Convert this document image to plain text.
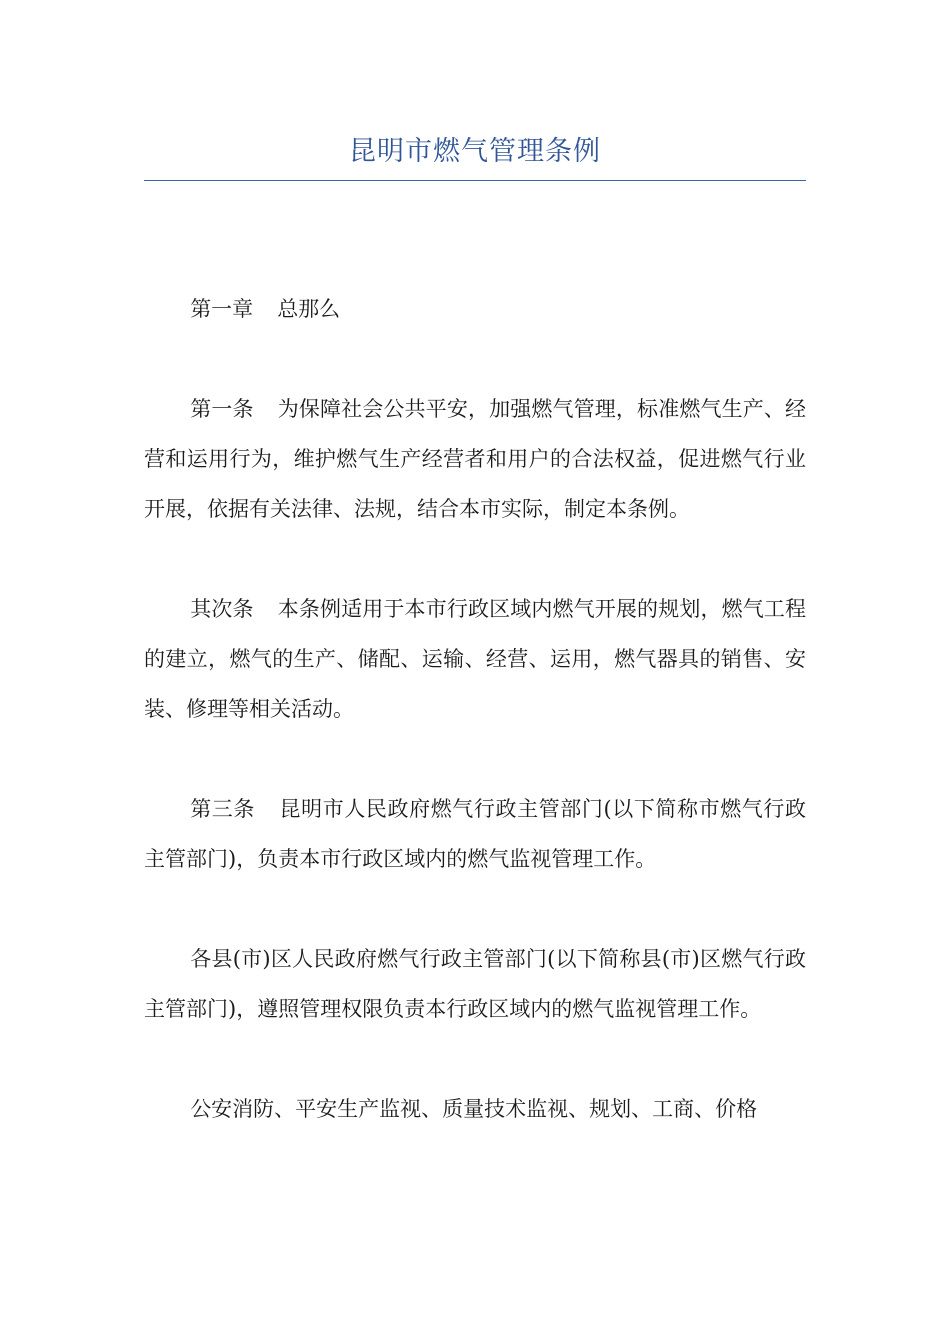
昆明市燃气管理条例

第一章 总那么

第一条 为保障社会公共平安，加强燃气管理，标准燃气生产、经营和运用行为，维护燃气生产经营者和用户的合法权益，促进燃气行业开展，依据有关法律、法规，结合本市实际，制定本条例。

其次条 本条例适用于本市行政区域内燃气开展的规划，燃气工程的建立，燃气的生产、储配、运输、经营、运用，燃气器具的销售、安装、修理等相关活动。

第三条 昆明市人民政府燃气行政主管部门(以下简称市燃气行政主管部门)，负责本市行政区域内的燃气监视管理工作。

各县(市)区人民政府燃气行政主管部门(以下简称县(市)区燃气行政主管部门)，遵照管理权限负责本行政区域内的燃气监视管理工作。

公安消防、平安生产监视、质量技术监视、规划、工商、价格
